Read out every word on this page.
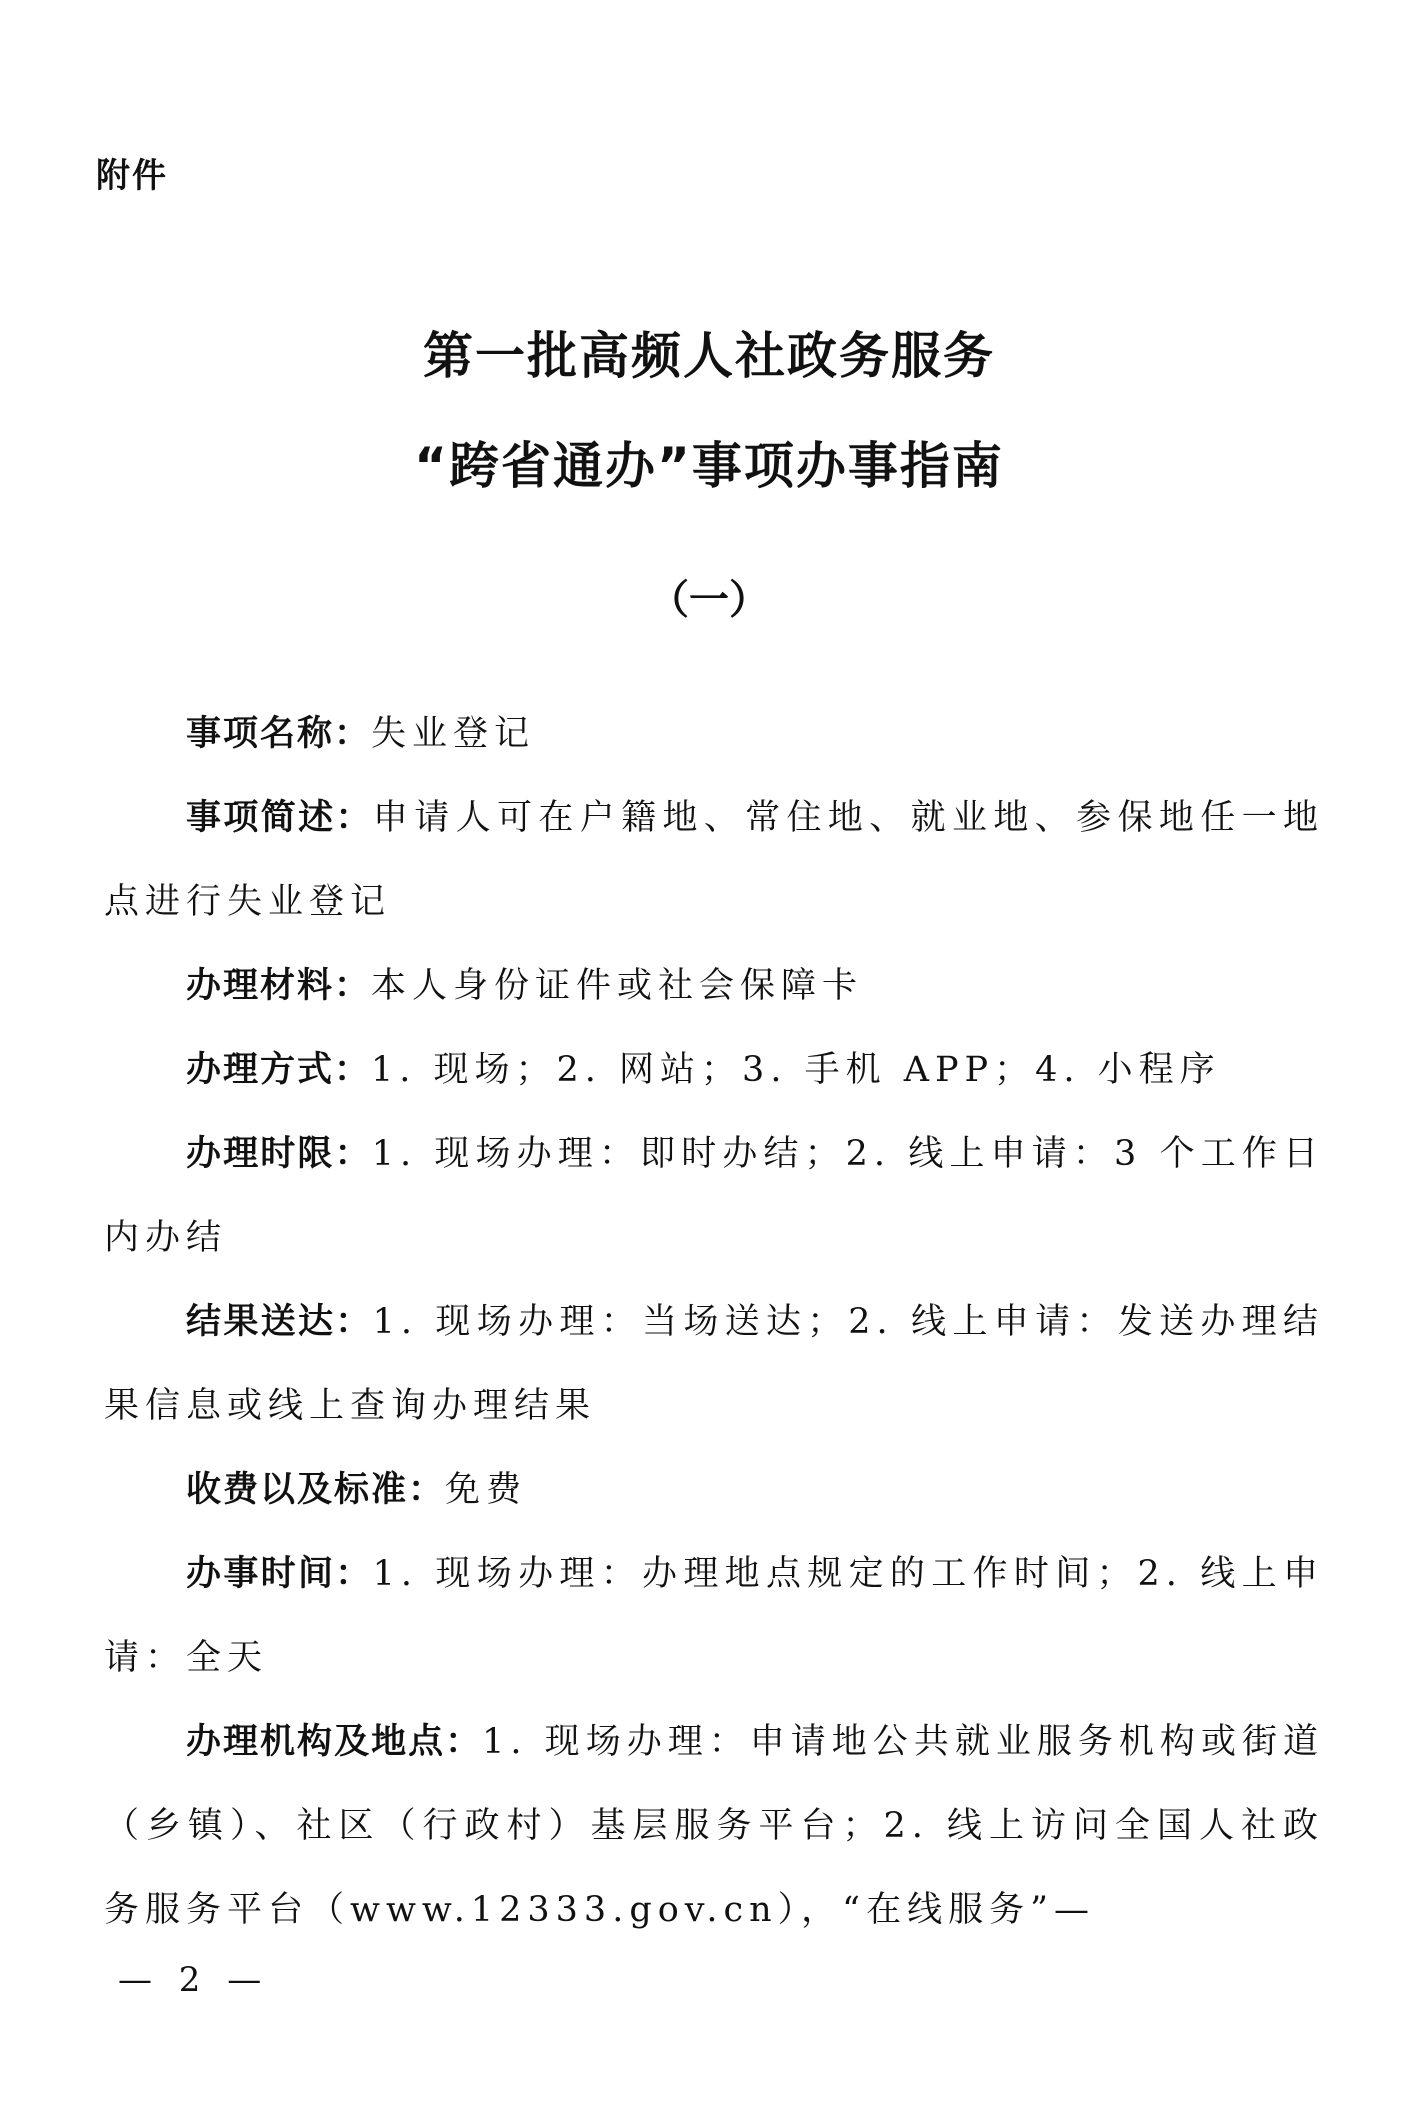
附件
第一批高频人社政务服务
“跨省通办”事项办事指南
（一）
事项名称：失业登记
事项简述：申请人可在户籍地、常住地、就业地、参保地任一地点进行失业登记
办理材料：本人身份证件或社会保障卡
办理方式：1. 现场；2. 网站；3. 手机 APP；4. 小程序
办理时限：1. 现场办理：即时办结；2. 线上申请：3 个工作日内办结
结果送达：1. 现场办理：当场送达；2. 线上申请：发送办理结果信息或线上查询办理结果
收费以及标准：免费
办事时间：1. 现场办理：办理地点规定的工作时间；2. 线上申请：全天
办理机构及地点：1. 现场办理：申请地公共就业服务机构或街道（乡镇）、社区（行政村）基层服务平台；2. 线上访问全国人社政务服务平台（www.12333.gov.cn），“在线服务”—
— 2 —
